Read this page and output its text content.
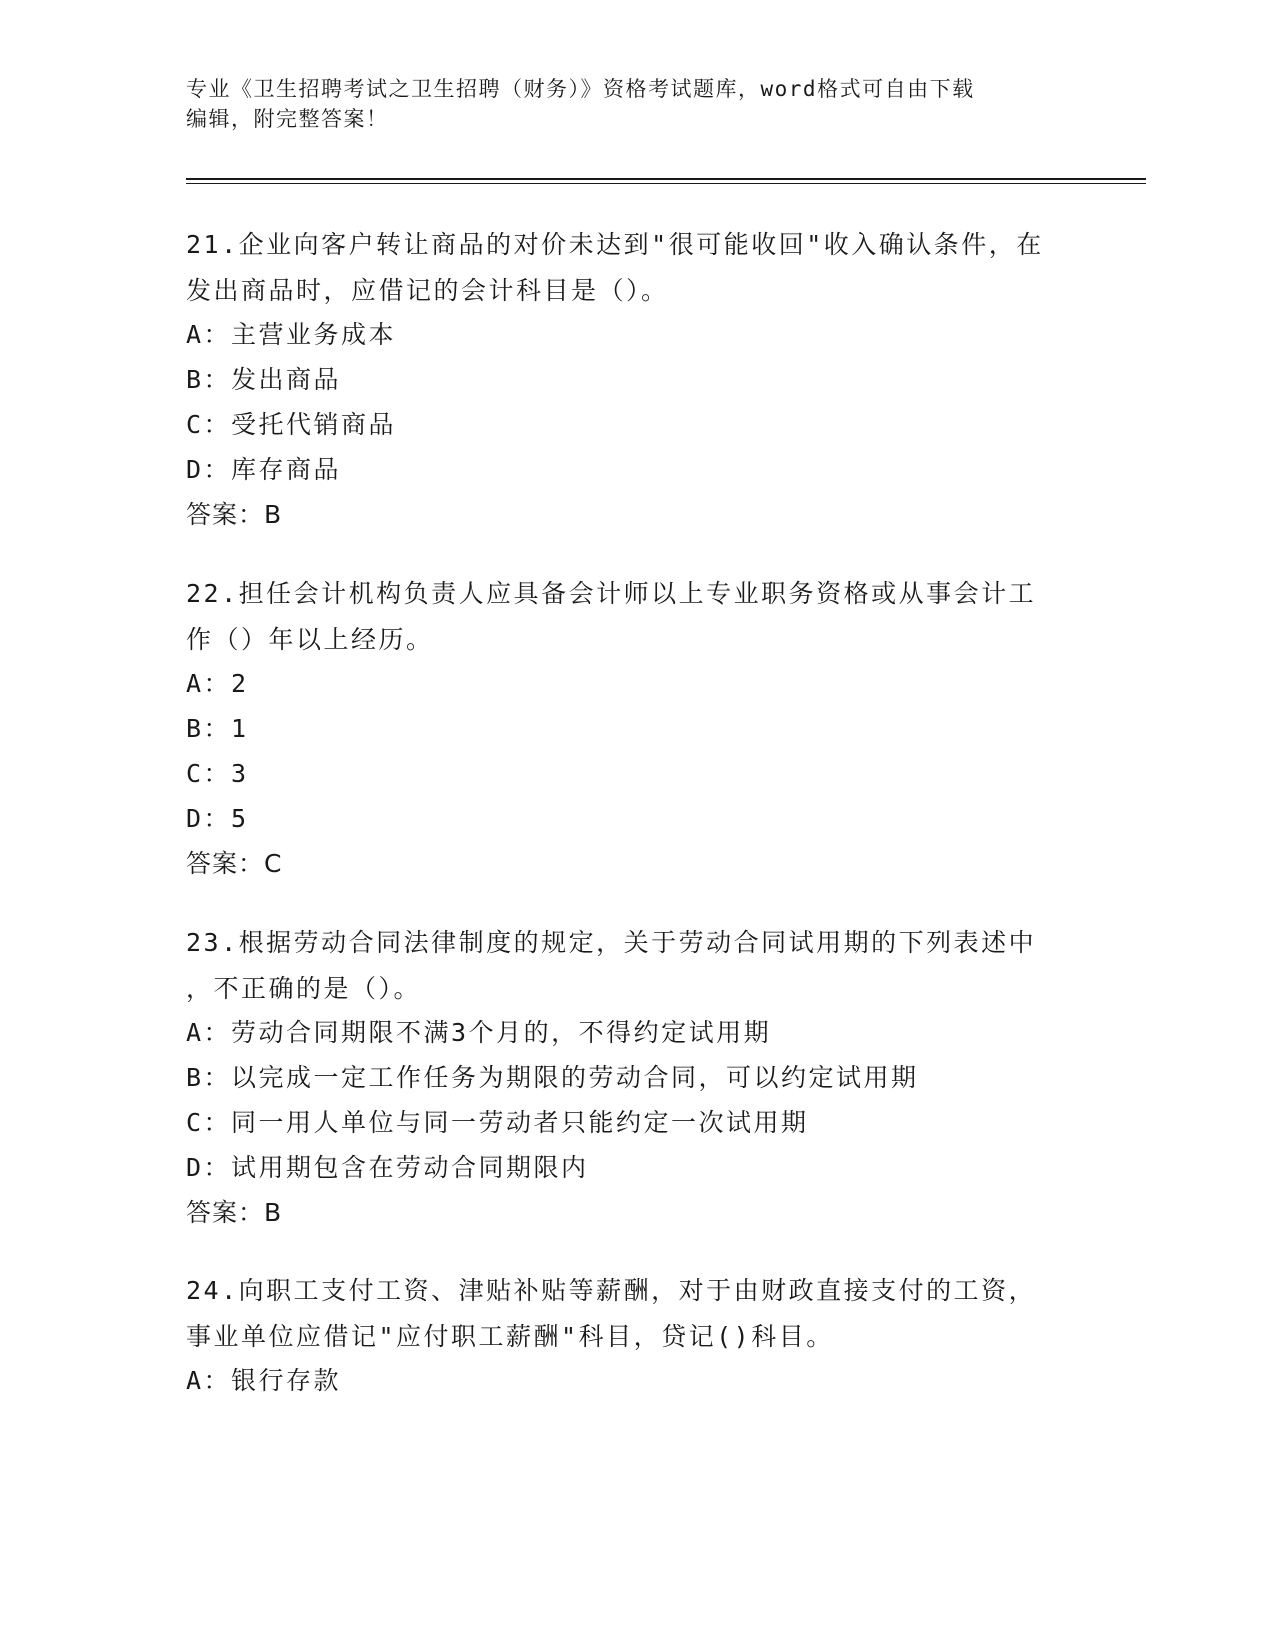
专业《卫生招聘考试之卫生招聘（财务）》资格考试题库，word格式可自由下载
编辑，附完整答案！

21.企业向客户转让商品的对价未达到"很可能收回"收入确认条件，在

发出商品时，应借记的会计科目是（）。

A：主营业务成本

B：发出商品

C：受托代销商品

D：库存商品

答案：B

22.担任会计机构负责人应具备会计师以上专业职务资格或从事会计工

作（）年以上经历。

A：2

B：1

C：3

D：5

答案：C

23.根据劳动合同法律制度的规定，关于劳动合同试用期的下列表述中

，不正确的是（）。

A：劳动合同期限不满3个月的，不得约定试用期

B：以完成一定工作任务为期限的劳动合同，可以约定试用期

C：同一用人单位与同一劳动者只能约定一次试用期

D：试用期包含在劳动合同期限内

答案：B

24.向职工支付工资、津贴补贴等薪酬，对于由财政直接支付的工资，

事业单位应借记"应付职工薪酬"科目，贷记()科目。

A：银行存款
